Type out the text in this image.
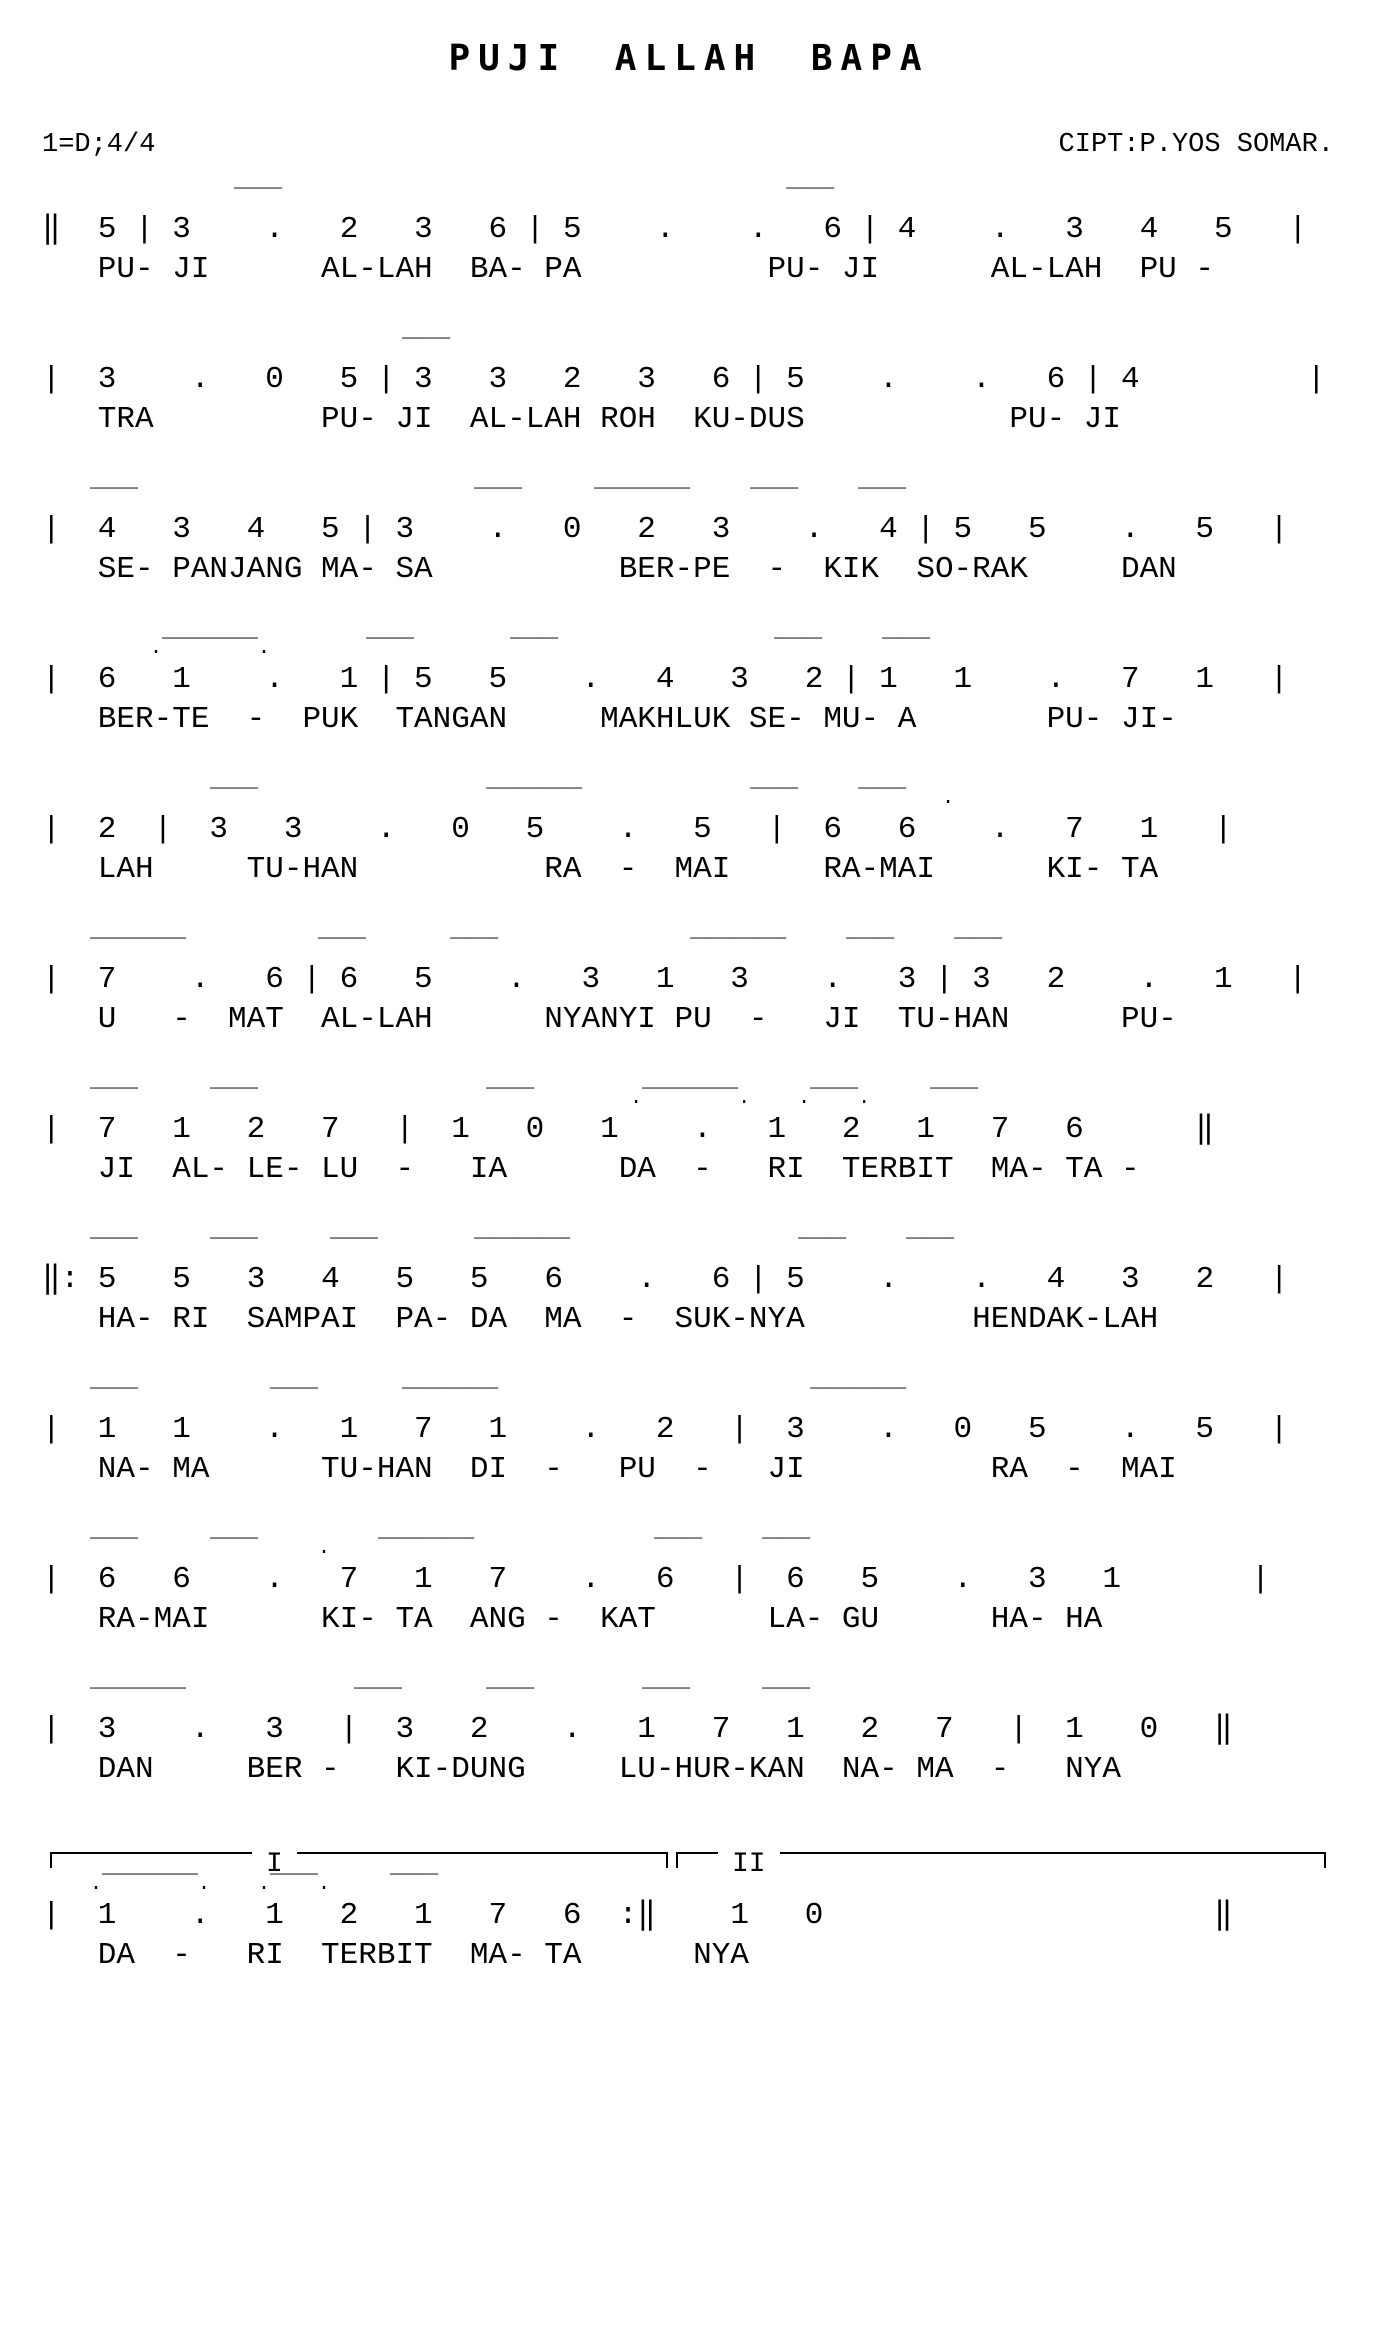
PUJI ALLAH BAPA
1=D;4/4	CIPT:P.YOS SOMAR.
‾‾‾‾                                          ‾‾‾‾
‖  5 | 3    .   2   3   6 | 5    .    .   6 | 4    .   3   4   5   |
PU- JI      AL-LAH  BA- PA          PU- JI      AL-LAH  PU -
‾‾‾‾
|  3    .   0   5 | 3   3   2   3   6 | 5    .    .   6 | 4         |
TRA         PU- JI  AL-LAH ROH  KU-DUS           PU- JI
‾‾‾‾                            ‾‾‾‾      ‾‾‾‾‾‾‾‾     ‾‾‾‾     ‾‾‾‾
|  4   3   4   5 | 3    .   0   2   3    .   4 | 5   5    .   5   |
SE- PANJANG MA- SA          BER-PE  -  KIK  SO-RAK     DAN
.‾‾‾‾‾‾‾‾.        ‾‾‾‾        ‾‾‾‾                  ‾‾‾‾     ‾‾‾‾
|  6   1    .   1 | 5   5    .   4   3   2 | 1   1    .   7   1   |
BER-TE  -  PUK  TANGAN     MAKHLUK SE- MU- A       PU- JI-
‾‾‾‾                   ‾‾‾‾‾‾‾‾              ‾‾‾‾     ‾‾‾‾   .
|  2  |  3   3    .   0   5    .   5   |  6   6    .   7   1   |
LAH     TU-HAN          RA  -  MAI     RA-MAI      KI- TA
‾‾‾‾‾‾‾‾           ‾‾‾‾       ‾‾‾‾                ‾‾‾‾‾‾‾‾     ‾‾‾‾     ‾‾‾‾
|  7    .   6 | 6   5    .   3   1   3    .   3 | 3   2    .   1   |
U   -  MAT  AL-LAH      NYANYI PU  -   JI  TU-HAN      PU-
‾‾‾‾      ‾‾‾‾                   ‾‾‾‾        .‾‾‾‾‾‾‾‾.    .‾‾‾‾.     ‾‾‾‾
|  7   1   2   7   |  1   0   1    .   1   2   1   7   6      ‖
JI  AL- LE- LU  -   IA      DA  -   RI  TERBIT  MA- TA -
‾‾‾‾      ‾‾‾‾      ‾‾‾‾        ‾‾‾‾‾‾‾‾                   ‾‾‾‾     ‾‾‾‾
‖: 5   5   3   4   5   5   6    .   6 | 5    .    .   4   3   2   |
HA- RI  SAMPAI  PA- DA  MA  -  SUK-NYA         HENDAK-LAH
‾‾‾‾           ‾‾‾‾       ‾‾‾‾‾‾‾‾                          ‾‾‾‾‾‾‾‾
|  1   1    .   1   7   1    .   2   |  3    .   0   5    .   5   |
NA- MA      TU-HAN  DI  -   PU  -   JI          RA  -  MAI
‾‾‾‾      ‾‾‾‾     .    ‾‾‾‾‾‾‾‾               ‾‾‾‾     ‾‾‾‾
|  6   6    .   7   1   7    .   6   |  6   5    .   3   1       |
RA-MAI      KI- TA  ANG -  KAT      LA- GU      HA- HA
‾‾‾‾‾‾‾‾              ‾‾‾‾       ‾‾‾‾         ‾‾‾‾      ‾‾‾‾
|  3    .   3   |  3   2    .   1   7   1   2   7   |  1   0   ‖
DAN     BER -   KI-DUNG     LU-HUR-KAN  NA- MA  -   NYA
I	II
.‾‾‾‾‾‾‾‾.    .‾‾‾‾.     ‾‾‾‾
|  1    .   1   2   1   7   6  :‖    1   0                     ‖
DA  -   RI  TERBIT  MA- TA      NYA
